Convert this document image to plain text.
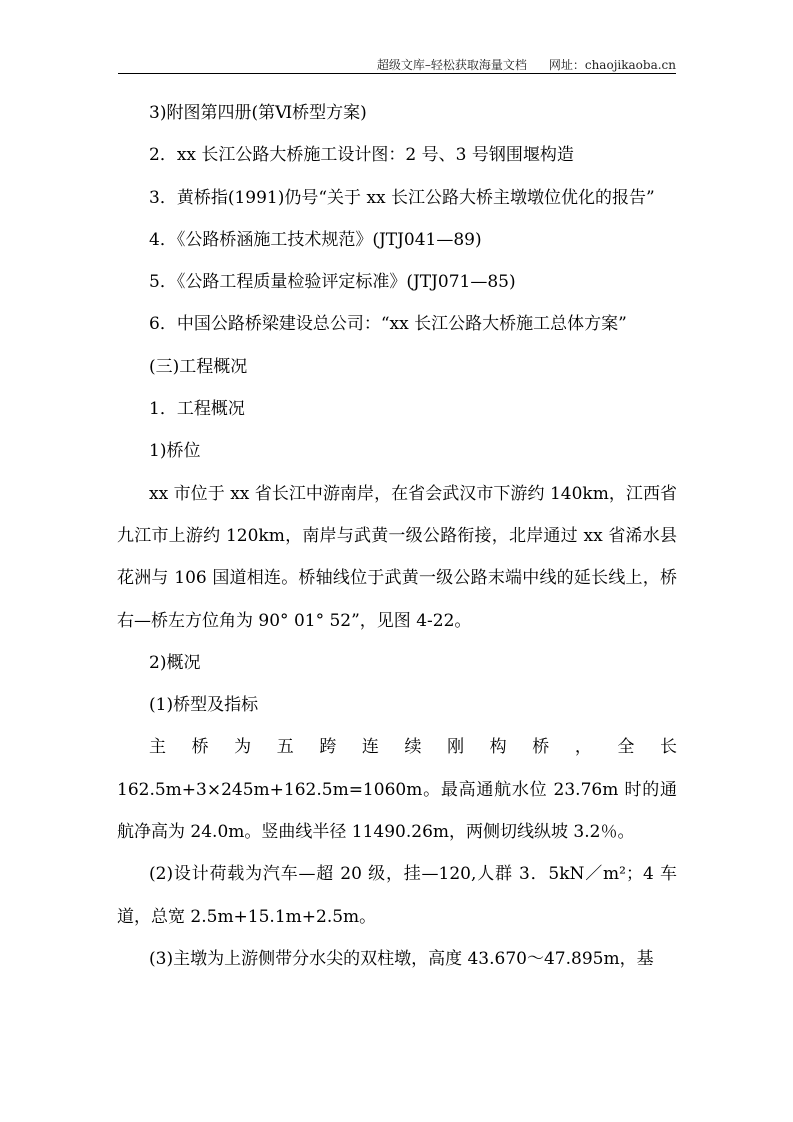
超级文库–轻松获取海量文档 网址：chaojikaoba.cn

3)附图第四册(第Ⅵ桥型方案)

2．xx 长江公路大桥施工设计图：2 号、3 号钢围堰构造

3．黄桥指(1991)仍号“关于 xx 长江公路大桥主墩墩位优化的报告”

4．《公路桥涵施工技术规范》(JTJ041—89)

5．《公路工程质量检验评定标准》(JTJ071—85)

6．中国公路桥梁建设总公司：“xx 长江公路大桥施工总体方案”

(三)工程概况

1．工程概况

1)桥位

xx 市位于 xx 省长江中游南岸，在省会武汉市下游约 140km，江西省九江市上游约 120km，南岸与武黄一级公路衔接，北岸通过 xx 省浠水县花洲与 106 国道相连。桥轴线位于武黄一级公路末端中线的延长线上，桥右—桥左方位角为 90° 01° 52”，见图 4-22。

2)概况

(1)桥型及指标

主桥为五跨连续刚构桥，全长 162.5m+3×245m+162.5m=1060m。最高通航水位 23.76m 时的通航净高为 24.0m。竖曲线半径 11490.26m，两侧切线纵坡 3.2％。

(2)设计荷载为汽车—超 20 级，挂—120,人群 3．5kN／m²；4 车道，总宽 2.5m+15.1m+2.5m。

(3)主墩为上游侧带分水尖的双柱墩，高度 43.670～47.895m，基
